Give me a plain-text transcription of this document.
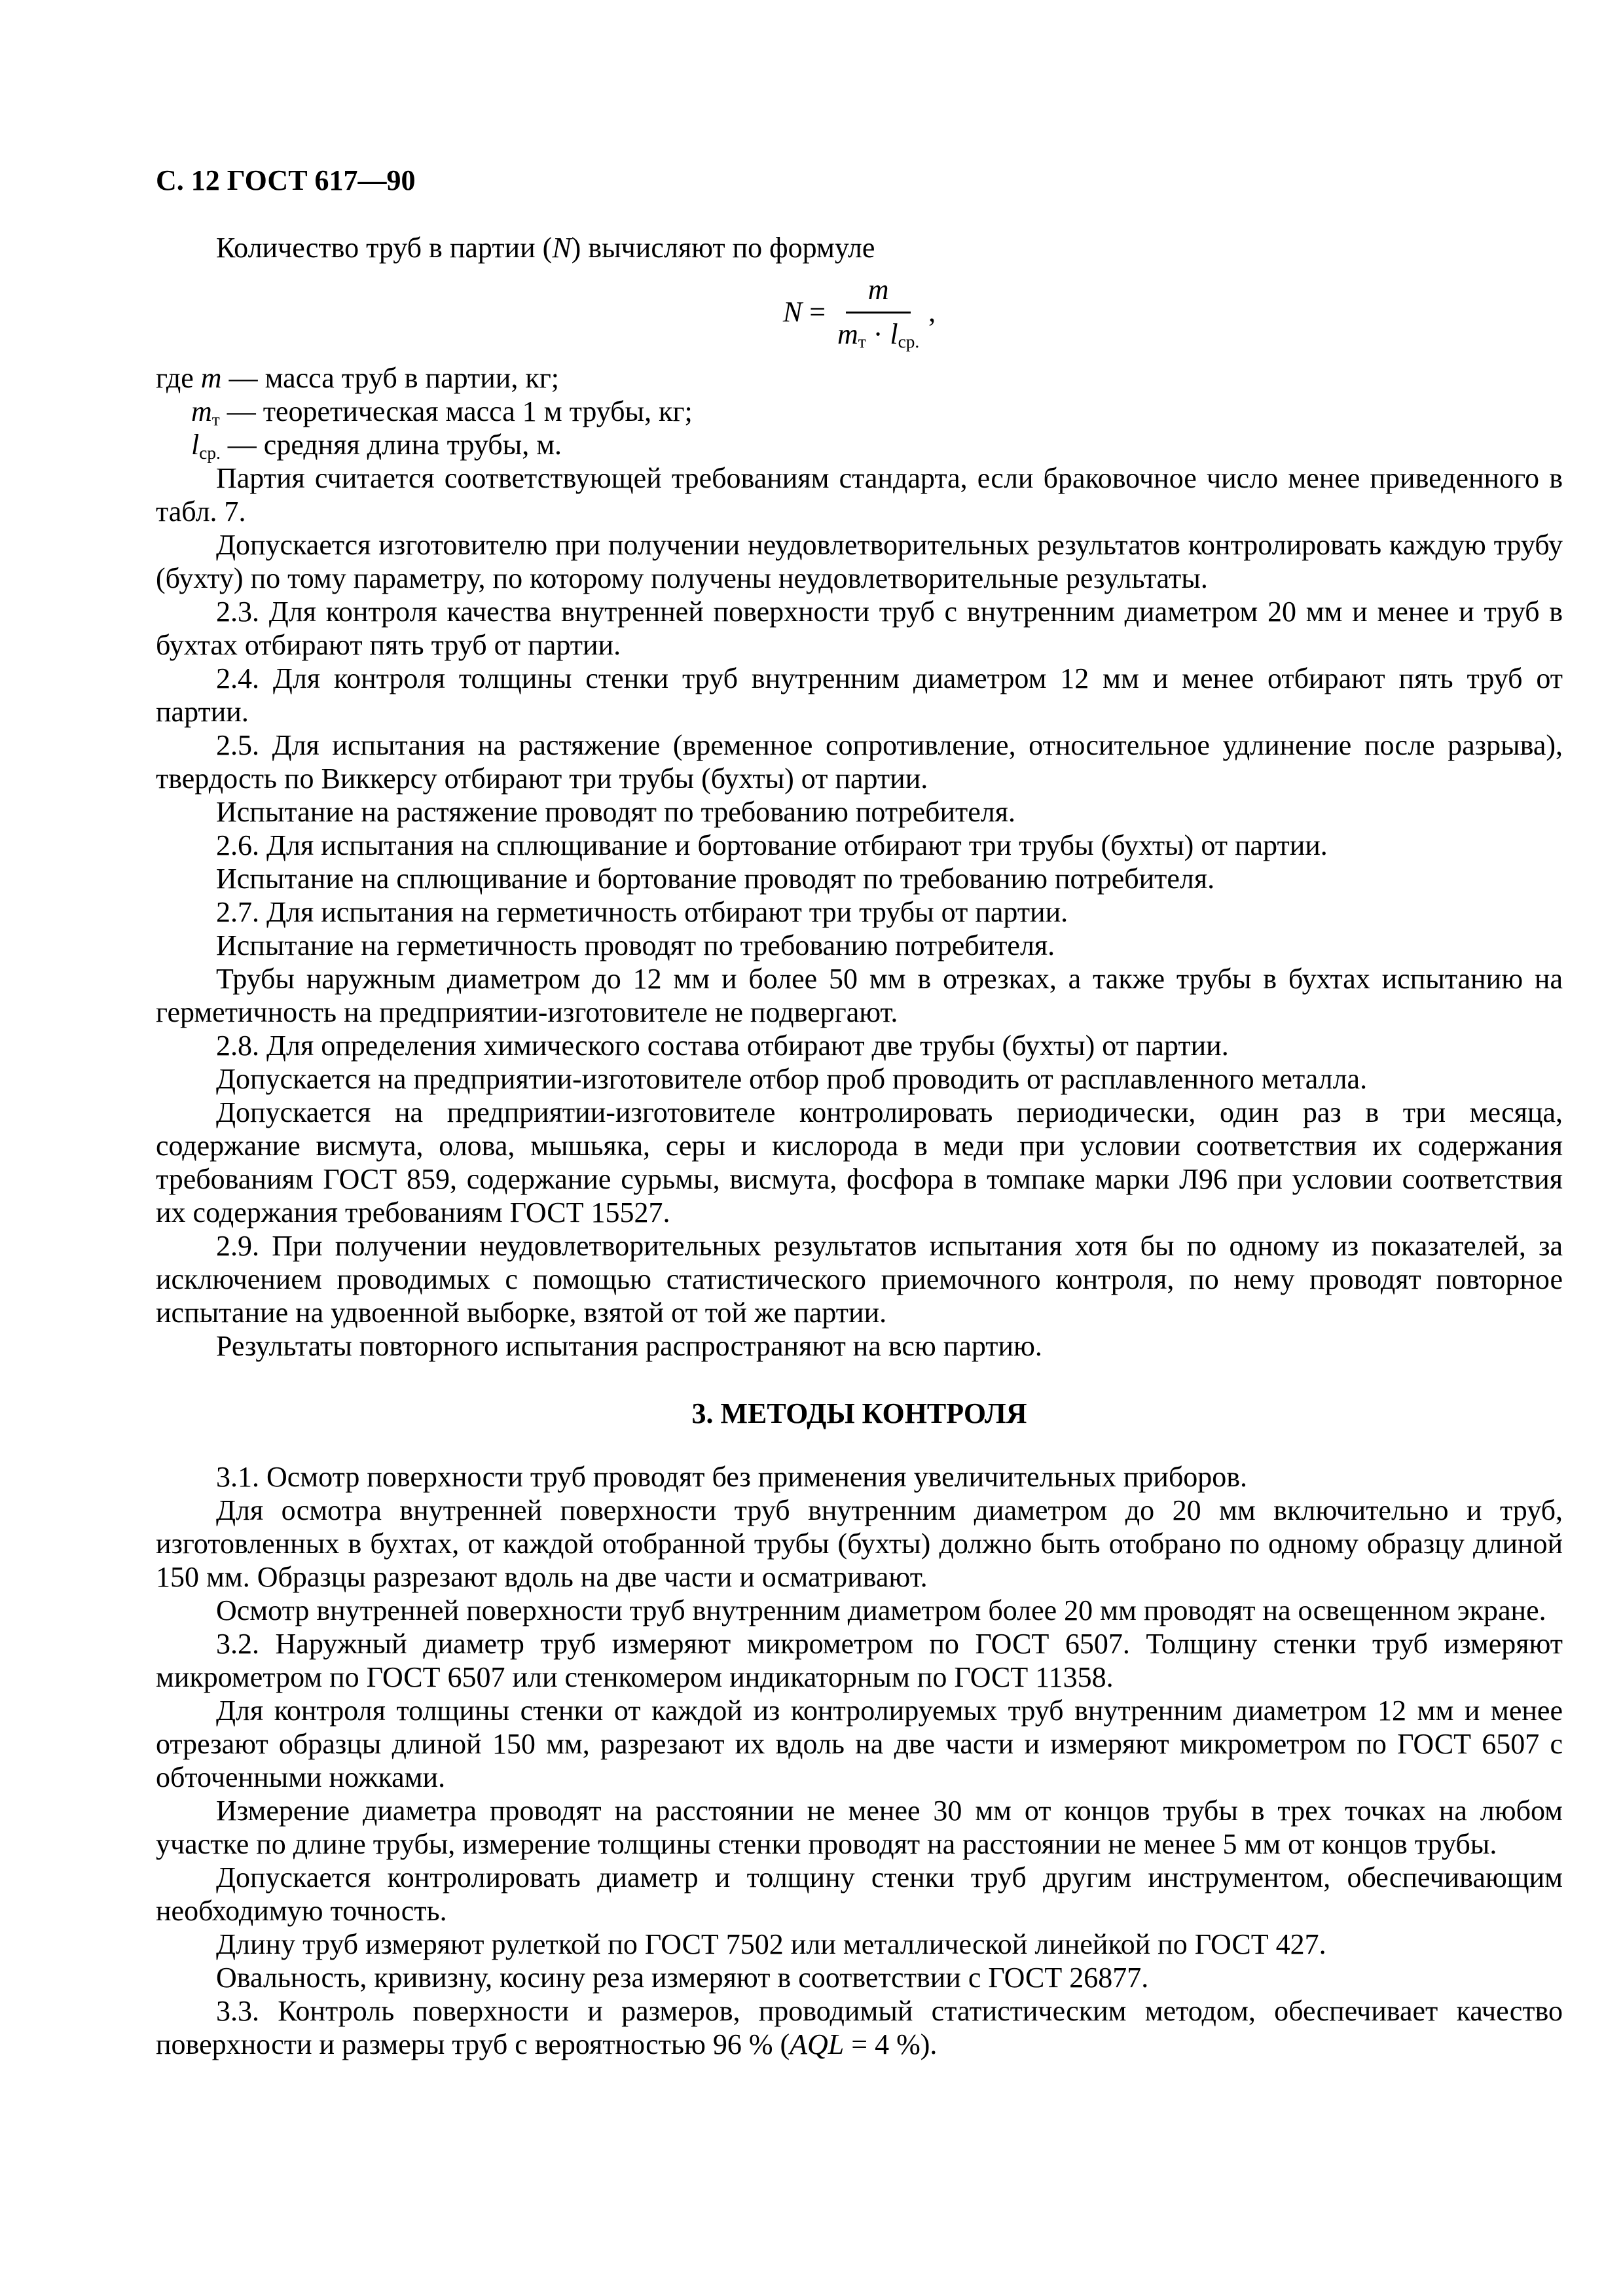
С. 12 ГОСТ 617—90

Количество труб в партии (N) вычисляют по формуле

$N = \frac{m}{m_т \cdot l_{ср.}}$ ,

где m — масса труб в партии, кг;

$m_т$ — теоретическая масса 1 м трубы, кг;

$l_{ср.}$ — средняя длина трубы, м.

Партия считается соответствующей требованиям стандарта, если браковочное число менее приведенного в табл. 7.

Допускается изготовителю при получении неудовлетворительных результатов контролировать каждую трубу (бухту) по тому параметру, по которому получены неудовлетворительные результаты.

2.3. Для контроля качества внутренней поверхности труб с внутренним диаметром 20 мм и менее и труб в бухтах отбирают пять труб от партии.

2.4. Для контроля толщины стенки труб внутренним диаметром 12 мм и менее отбирают пять труб от партии.

2.5. Для испытания на растяжение (временное сопротивление, относительное удлинение после разрыва), твердость по Виккерсу отбирают три трубы (бухты) от партии.

Испытание на растяжение проводят по требованию потребителя.

2.6. Для испытания на сплющивание и бортование отбирают три трубы (бухты) от партии.

Испытание на сплющивание и бортование проводят по требованию потребителя.

2.7. Для испытания на герметичность отбирают три трубы от партии.

Испытание на герметичность проводят по требованию потребителя.

Трубы наружным диаметром до 12 мм и более 50 мм в отрезках, а также трубы в бухтах испытанию на герметичность на предприятии-изготовителе не подвергают.

2.8. Для определения химического состава отбирают две трубы (бухты) от партии.

Допускается на предприятии-изготовителе отбор проб проводить от расплавленного металла.

Допускается на предприятии-изготовителе контролировать периодически, один раз в три месяца, содержание висмута, олова, мышьяка, серы и кислорода в меди при условии соответствия их содержания требованиям ГОСТ 859, содержание сурьмы, висмута, фосфора в томпаке марки Л96 при условии соответствия их содержания требованиям ГОСТ 15527.

2.9. При получении неудовлетворительных результатов испытания хотя бы по одному из показателей, за исключением проводимых с помощью статистического приемочного контроля, по нему проводят повторное испытание на удвоенной выборке, взятой от той же партии.

Результаты повторного испытания распространяют на всю партию.

3. МЕТОДЫ КОНТРОЛЯ

3.1. Осмотр поверхности труб проводят без применения увеличительных приборов.

Для осмотра внутренней поверхности труб внутренним диаметром до 20 мм включительно и труб, изготовленных в бухтах, от каждой отобранной трубы (бухты) должно быть отобрано по одному образцу длиной 150 мм. Образцы разрезают вдоль на две части и осматривают.

Осмотр внутренней поверхности труб внутренним диаметром более 20 мм проводят на освещенном экране.

3.2. Наружный диаметр труб измеряют микрометром по ГОСТ 6507. Толщину стенки труб измеряют микрометром по ГОСТ 6507 или стенкомером индикаторным по ГОСТ 11358.

Для контроля толщины стенки от каждой из контролируемых труб внутренним диаметром 12 мм и менее отрезают образцы длиной 150 мм, разрезают их вдоль на две части и измеряют микрометром по ГОСТ 6507 с обточенными ножками.

Измерение диаметра проводят на расстоянии не менее 30 мм от концов трубы в трех точках на любом участке по длине трубы, измерение толщины стенки проводят на расстоянии не менее 5 мм от концов трубы.

Допускается контролировать диаметр и толщину стенки труб другим инструментом, обеспечивающим необходимую точность.

Длину труб измеряют рулеткой по ГОСТ 7502 или металлической линейкой по ГОСТ 427.

Овальность, кривизну, косину реза измеряют в соответствии с ГОСТ 26877.

3.3. Контроль поверхности и размеров, проводимый статистическим методом, обеспечивает качество поверхности и размеры труб с вероятностью 96 % (AQL = 4 %).
